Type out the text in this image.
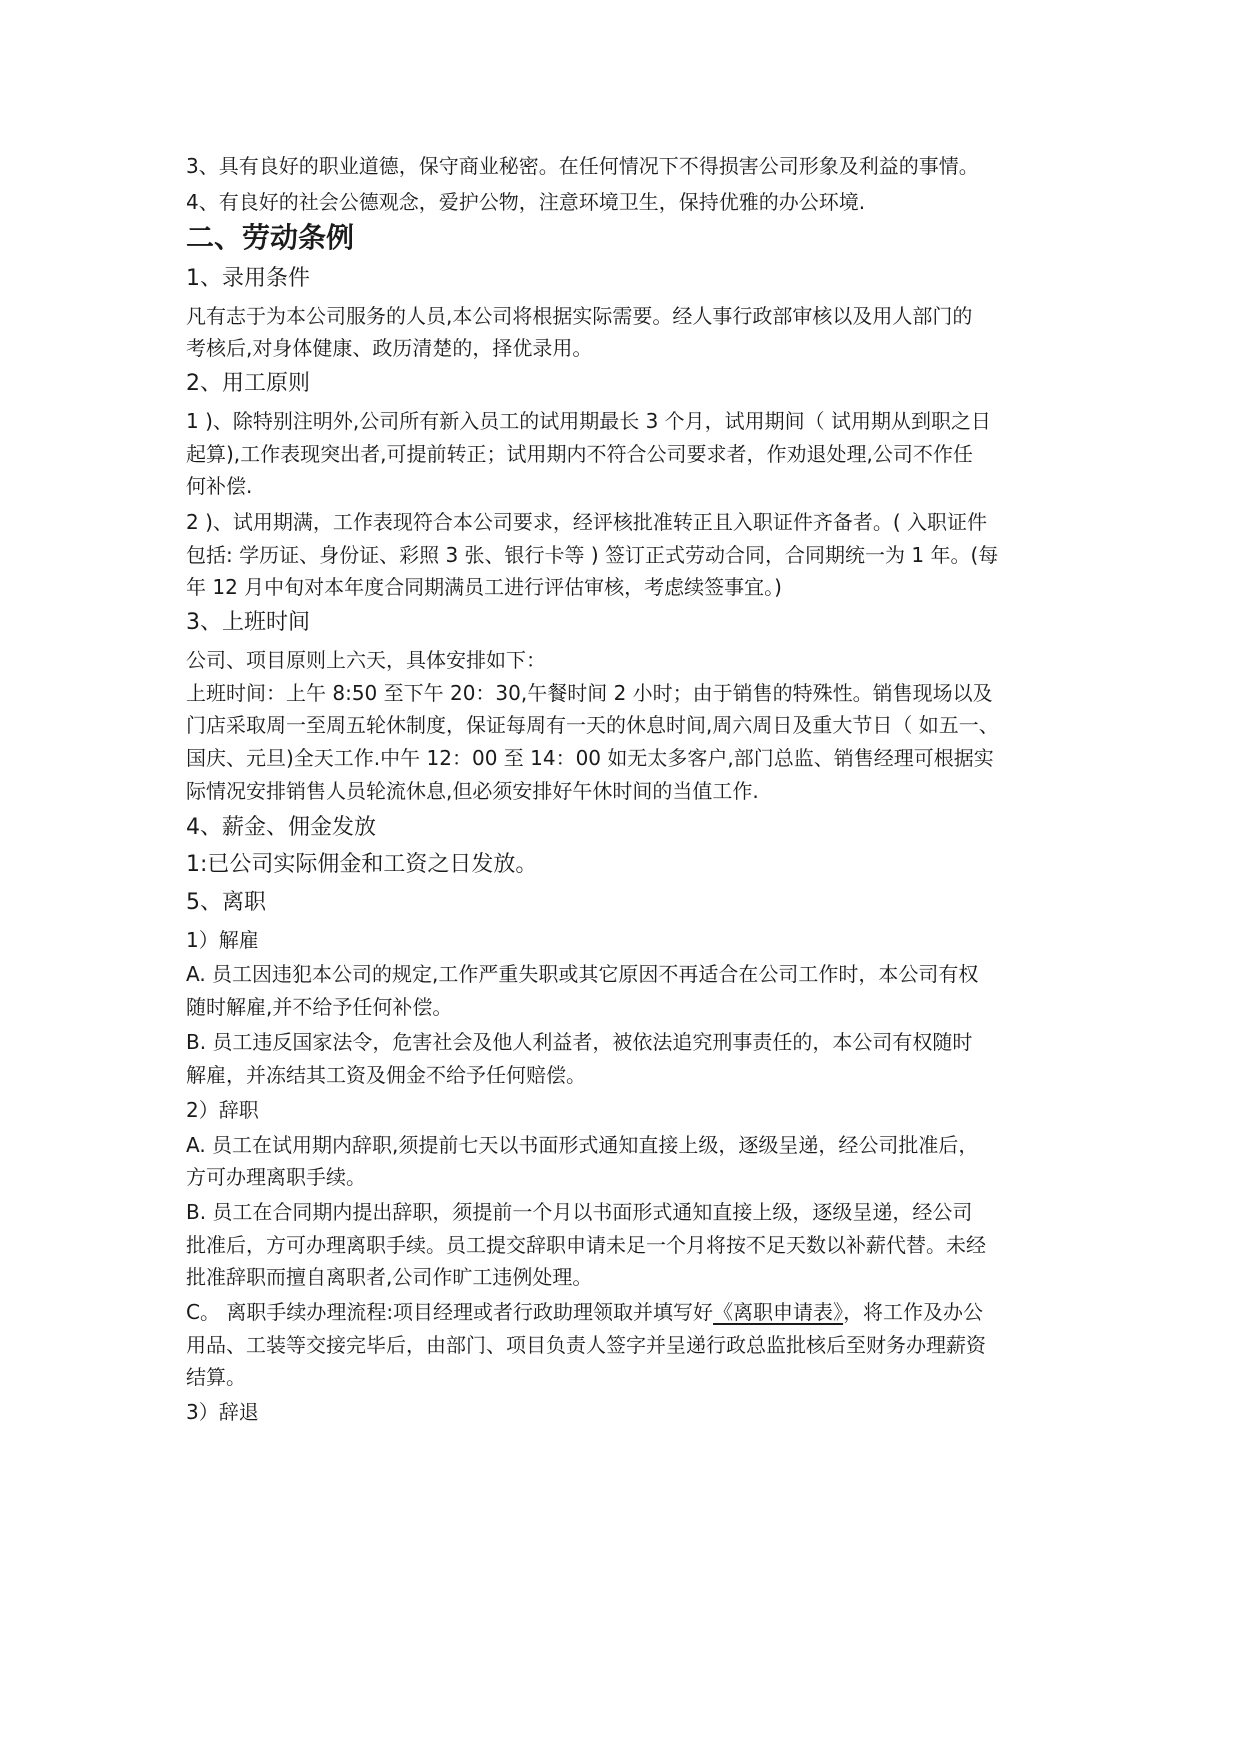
3、具有良好的职业道德，保守商业秘密。在任何情况下不得损害公司形象及利益的事情。
4、有良好的社会公德观念，爱护公物，注意环境卫生，保持优雅的办公环境.
二、劳动条例
1、录用条件
凡有志于为本公司服务的人员,本公司将根据实际需要。经人事行政部审核以及用人部门的
考核后,对身体健康、政历清楚的，择优录用。
2、用工原则
1 )、除特别注明外,公司所有新入员工的试用期最长 3 个月，试用期间（ 试用期从到职之日
起算),工作表现突出者,可提前转正；试用期内不符合公司要求者，作劝退处理,公司不作任
何补偿.
2 )、试用期满，工作表现符合本公司要求，经评核批准转正且入职证件齐备者。( 入职证件
包括: 学历证、身份证、彩照 3 张、银行卡等 ) 签订正式劳动合同，合同期统一为 1 年。(每
年 12 月中旬对本年度合同期满员工进行评估审核，考虑续签事宜。)
3、上班时间
公司、项目原则上六天，具体安排如下：
上班时间：上午 8:50 至下午 20：30,午餐时间 2 小时；由于销售的特殊性。销售现场以及
门店采取周一至周五轮休制度，保证每周有一天的休息时间,周六周日及重大节日（ 如五一、
国庆、元旦)全天工作.中午 12：00 至 14：00 如无太多客户,部门总监、销售经理可根据实
际情况安排销售人员轮流休息,但必须安排好午休时间的当值工作.
4、薪金、佣金发放
1:已公司实际佣金和工资之日发放。
5、离职
1）解雇
A. 员工因违犯本公司的规定,工作严重失职或其它原因不再适合在公司工作时，本公司有权
随时解雇,并不给予任何补偿。
B. 员工违反国家法令，危害社会及他人利益者，被依法追究刑事责任的，本公司有权随时
解雇，并冻结其工资及佣金不给予任何赔偿。
2）辞职
A. 员工在试用期内辞职,须提前七天以书面形式通知直接上级，逐级呈递，经公司批准后，
方可办理离职手续。
B. 员工在合同期内提出辞职，须提前一个月以书面形式通知直接上级，逐级呈递，经公司
批准后，方可办理离职手续。员工提交辞职申请未足一个月将按不足天数以补薪代替。未经
批准辞职而擅自离职者,公司作旷工违例处理。
C。 离职手续办理流程:项目经理或者行政助理领取并填写好《离职申请表》，将工作及办公
用品、工装等交接完毕后，由部门、项目负责人签字并呈递行政总监批核后至财务办理薪资
结算。
3）辞退
